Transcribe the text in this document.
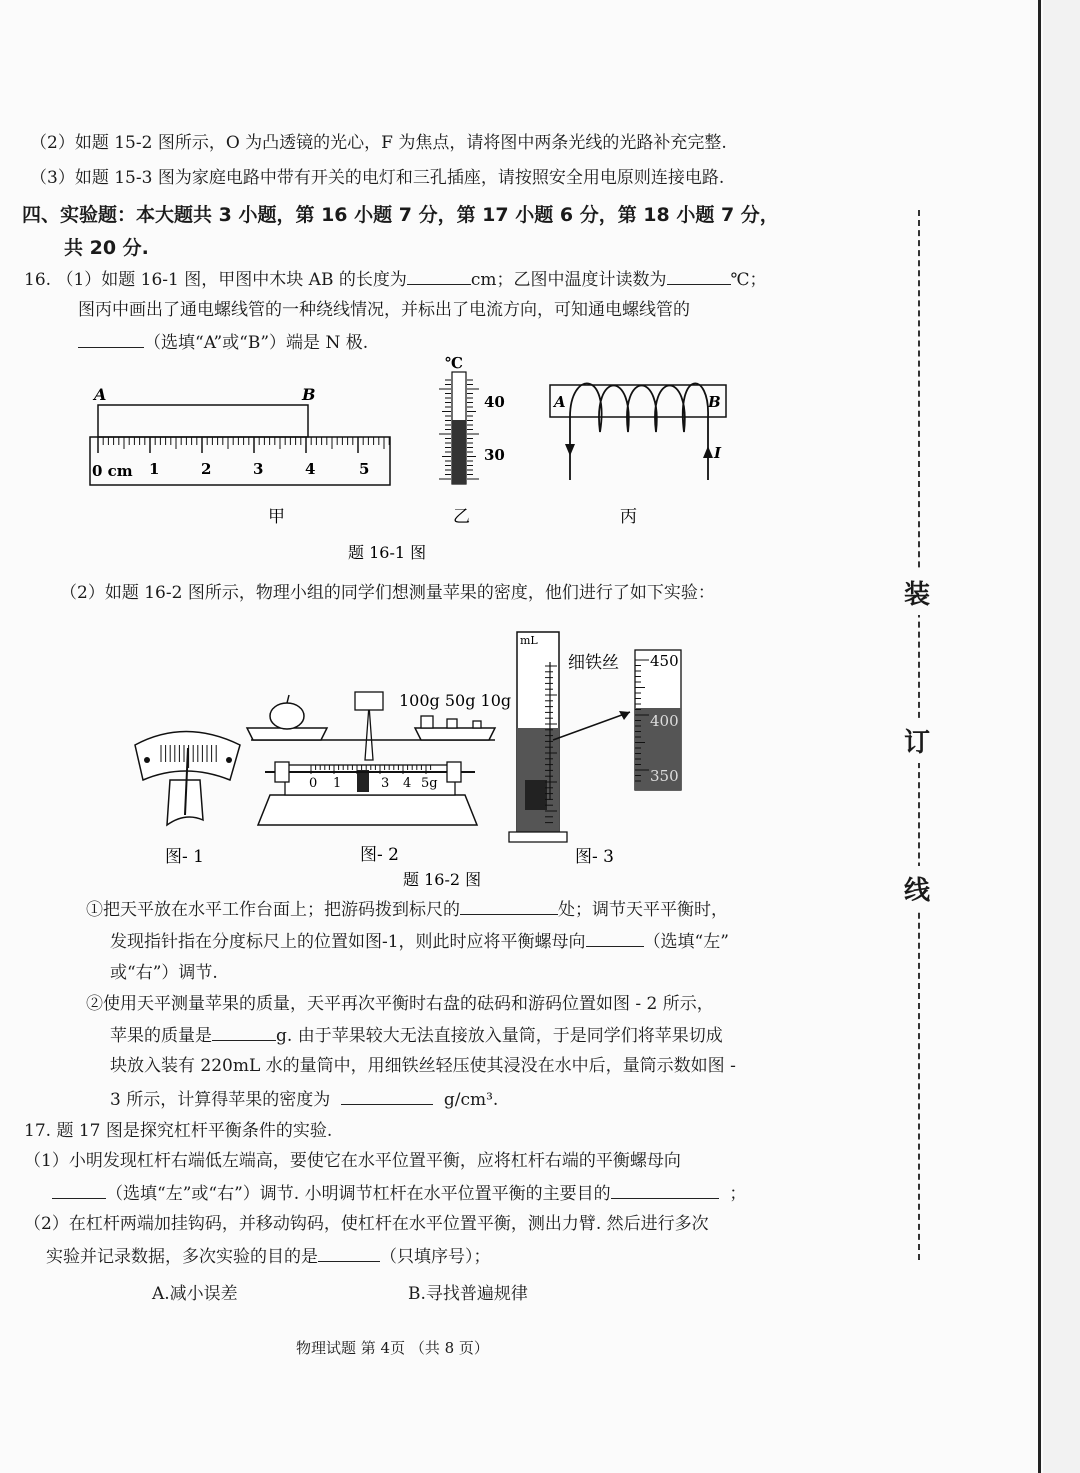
装
订
线
（2）如题 15-2 图所示，O 为凸透镜的光心，F 为焦点，请将图中两条光线的光路补充完整.
（3）如题 15-3 图为家庭电路中带有开关的电灯和三孔插座，请按照安全用电原则连接电路.
四、实验题：本大题共 3 小题，第 16 小题 7 分，第 17 小题 6 分，第 18 小题 7 分，
共 20 分.
16. （1）如题 16-1 图，甲图中木块 AB 的长度为	cm；乙图中温度计读数为	℃；
图丙中画出了通电螺线管的一种绕线情况，并标出了电流方向，可知通电螺线管的
（选填“A”或“B”）端是 N 极.
A	B
0 cm 1	2	3	4	5
℃
40
30
A	B
I
甲	乙	丙
题 16-1 图
（2）如题 16-2 图所示，物理小组的同学们想测量苹果的密度，他们进行了如下实验：
0 1	3 4 5g
100g 50g 10g
mL
细铁丝 450
400
350
图- 1	图- 2	图- 3
题 16-2 图
①把天平放在水平工作台面上；把游码拨到标尺的	处；调节天平平衡时，
发现指针指在分度标尺上的位置如图-1，则此时应将平衡螺母向	（选填“左”
或“右”）调节.
②使用天平测量苹果的质量，天平再次平衡时右盘的砝码和游码位置如图 - 2 所示，
苹果的质量是	g. 由于苹果较大无法直接放入量筒，于是同学们将苹果切成
块放入装有 220mL 水的量筒中，用细铁丝轻压使其浸没在水中后，量筒示数如图 -
3 所示，计算得苹果的密度为	g/cm³.
17. 题 17 图是探究杠杆平衡条件的实验.
（1）小明发现杠杆右端低左端高，要使它在水平位置平衡，应将杠杆右端的平衡螺母向
（选填“左”或“右”）调节. 小明调节杠杆在水平位置平衡的主要目的	；
（2）在杠杆两端加挂钩码，并移动钩码，使杠杆在水平位置平衡，测出力臂. 然后进行多次
实验并记录数据，多次实验的目的是	（只填序号）；
A.减小误差	B.寻找普遍规律
物理试题 第 4页 （共 8 页）
